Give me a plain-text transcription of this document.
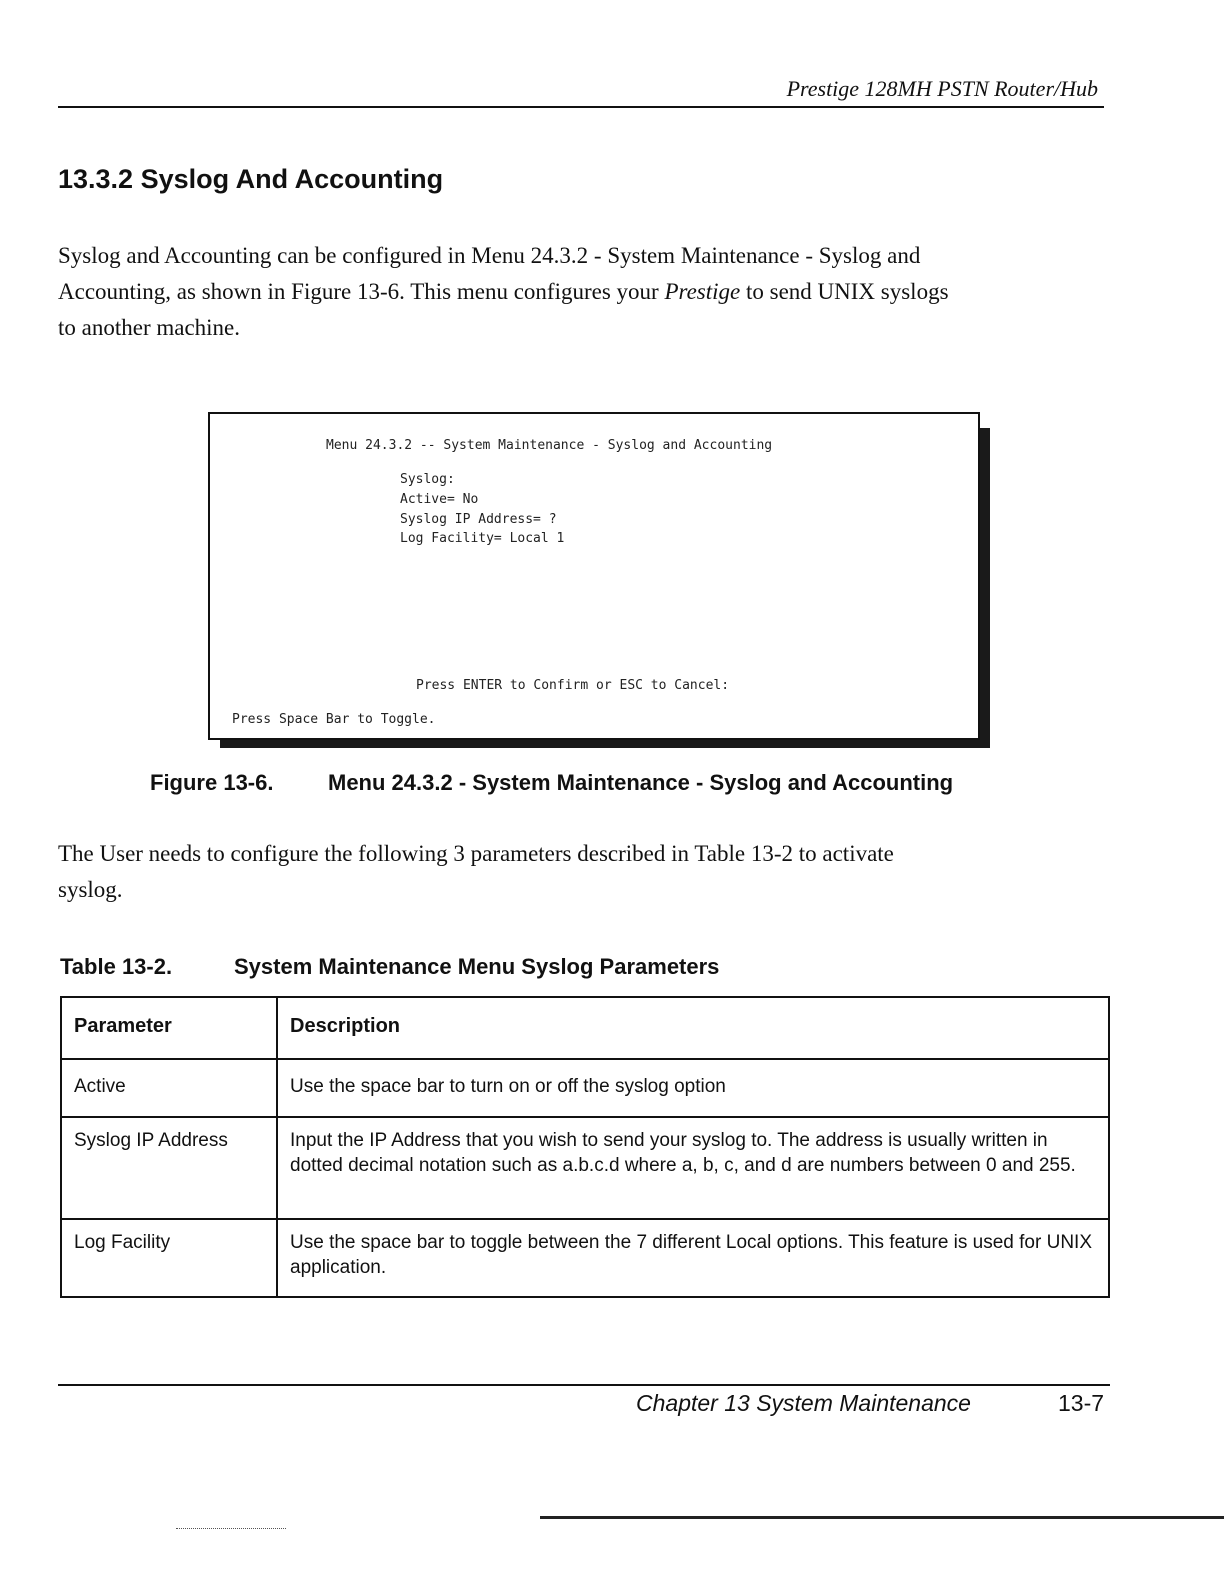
Prestige 128MH PSTN Router/Hub
13.3.2 Syslog And Accounting
Syslog and Accounting can be configured in Menu 24.3.2 - System Maintenance - Syslog and
Accounting, as shown in Figure 13-6. This menu configures your Prestige to send UNIX syslogs
to another machine.
Menu 24.3.2 -- System Maintenance - Syslog and Accounting
Syslog:
Active= No
Syslog IP Address= ?
Log Facility= Local 1
Press ENTER to Confirm or ESC to Cancel:
Press Space Bar to Toggle.
Figure 13-6. Menu 24.3.2 - System Maintenance - Syslog and Accounting
The User needs to configure the following 3 parameters described in Table 13-2 to activate
syslog.
Table 13-2.	System Maintenance Menu Syslog Parameters
Parameter	Description
Active	Use the space bar to turn on or off the syslog option
Syslog IP Address	Input the IP Address that you wish to send your syslog to. The address is usually written in dotted decimal notation such as a.b.c.d where a, b, c, and d are numbers between 0 and 255.
Log Facility	Use the space bar to toggle between the 7 different Local options. This feature is used for UNIX application.
Chapter 13 System Maintenance	13-7
